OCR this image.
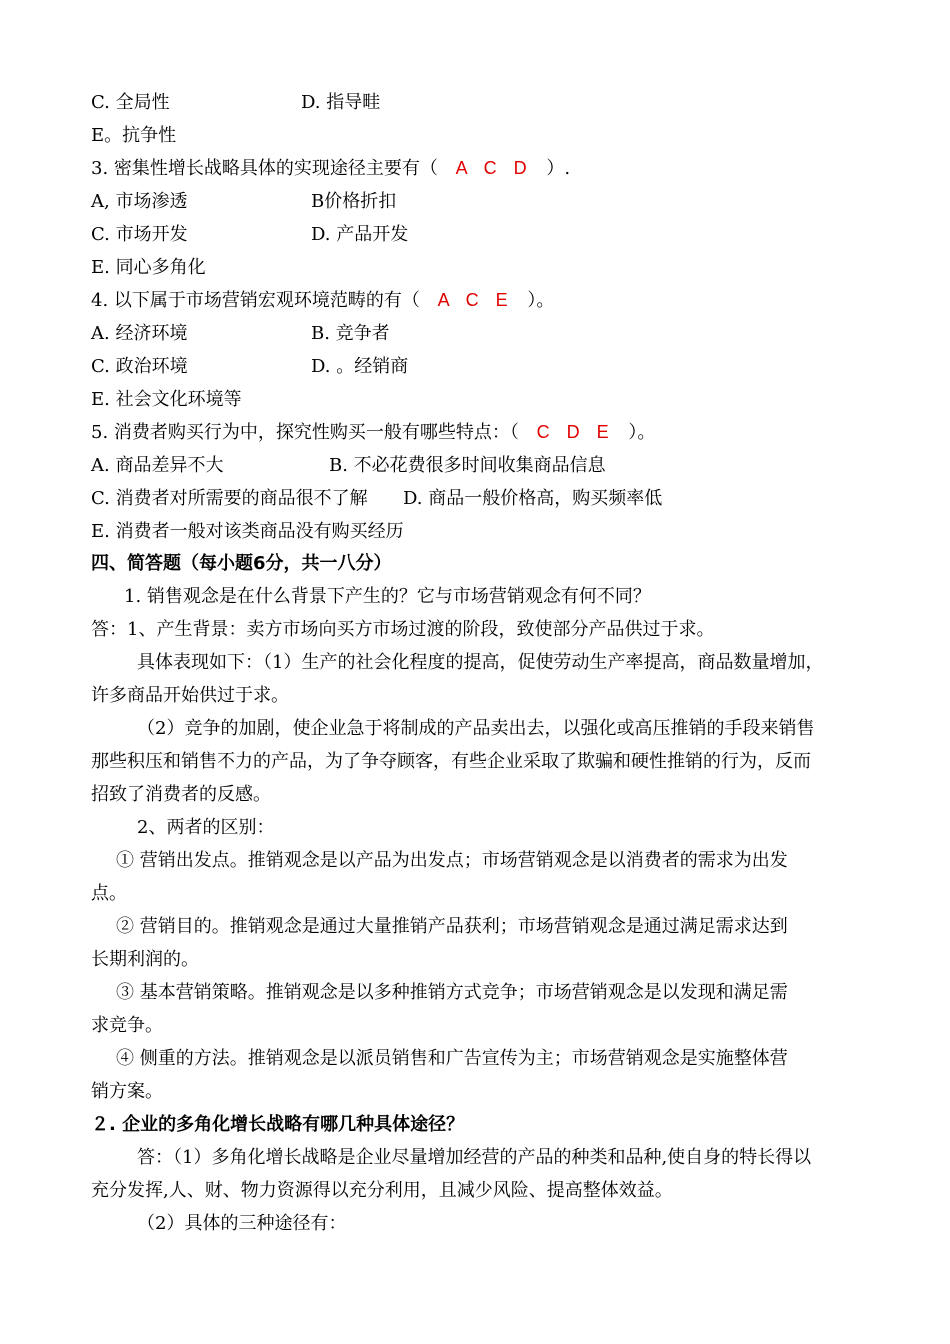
C. 全局性	D. 指导畦
E。抗争性
3. 密集性增长战略具体的实现途径主要有（ A C D ）.
A, 市场渗透	B价格折扣
C. 市场开发	D. 产品开发
E. 同心多角化
4. 以下属于市场营销宏观环境范畴的有（ A C E ）。
A. 经济环境	B. 竞争者
C. 政治环境	D. 。经销商
E. 社会文化环境等
5. 消费者购买行为中，探究性购买一般有哪些特点：（ C D E ）。
A. 商品差异不大	B. 不必花费很多时间收集商品信息
C. 消费者对所需要的商品很不了解 D. 商品一般价格高，购买频率低
E. 消费者一般对该类商品没有购买经历
四、简答题（每小题6分，共一八分）
1. 销售观念是在什么背景下产生的？它与市场营销观念有何不同？
答：1、产生背景：卖方市场向买方市场过渡的阶段，致使部分产品供过于求。
具体表现如下：（1）生产的社会化程度的提高，促使劳动生产率提高，商品数量增加，
许多商品开始供过于求。
（2）竞争的加剧，使企业急于将制成的产品卖出去，以强化或高压推销的手段来销售
那些积压和销售不力的产品，为了争夺顾客，有些企业采取了欺骗和硬性推销的行为，反而
招致了消费者的反感。
2、两者的区别：
① 营销出发点。推销观念是以产品为出发点；市场营销观念是以消费者的需求为出发
点。
② 营销目的。推销观念是通过大量推销产品获利；市场营销观念是通过满足需求达到
长期利润的。
③ 基本营销策略。推销观念是以多种推销方式竞争；市场营销观念是以发现和满足需
求竞争。
④ 侧重的方法。推销观念是以派员销售和广告宣传为主；市场营销观念是实施整体营
销方案。
２. 企业的多角化增长战略有哪几种具体途径？
答：（1）多角化增长战略是企业尽量增加经营的产品的种类和品种,使自身的特长得以
充分发挥,人、财、物力资源得以充分利用，且减少风险、提高整体效益。
（2）具体的三种途径有：
